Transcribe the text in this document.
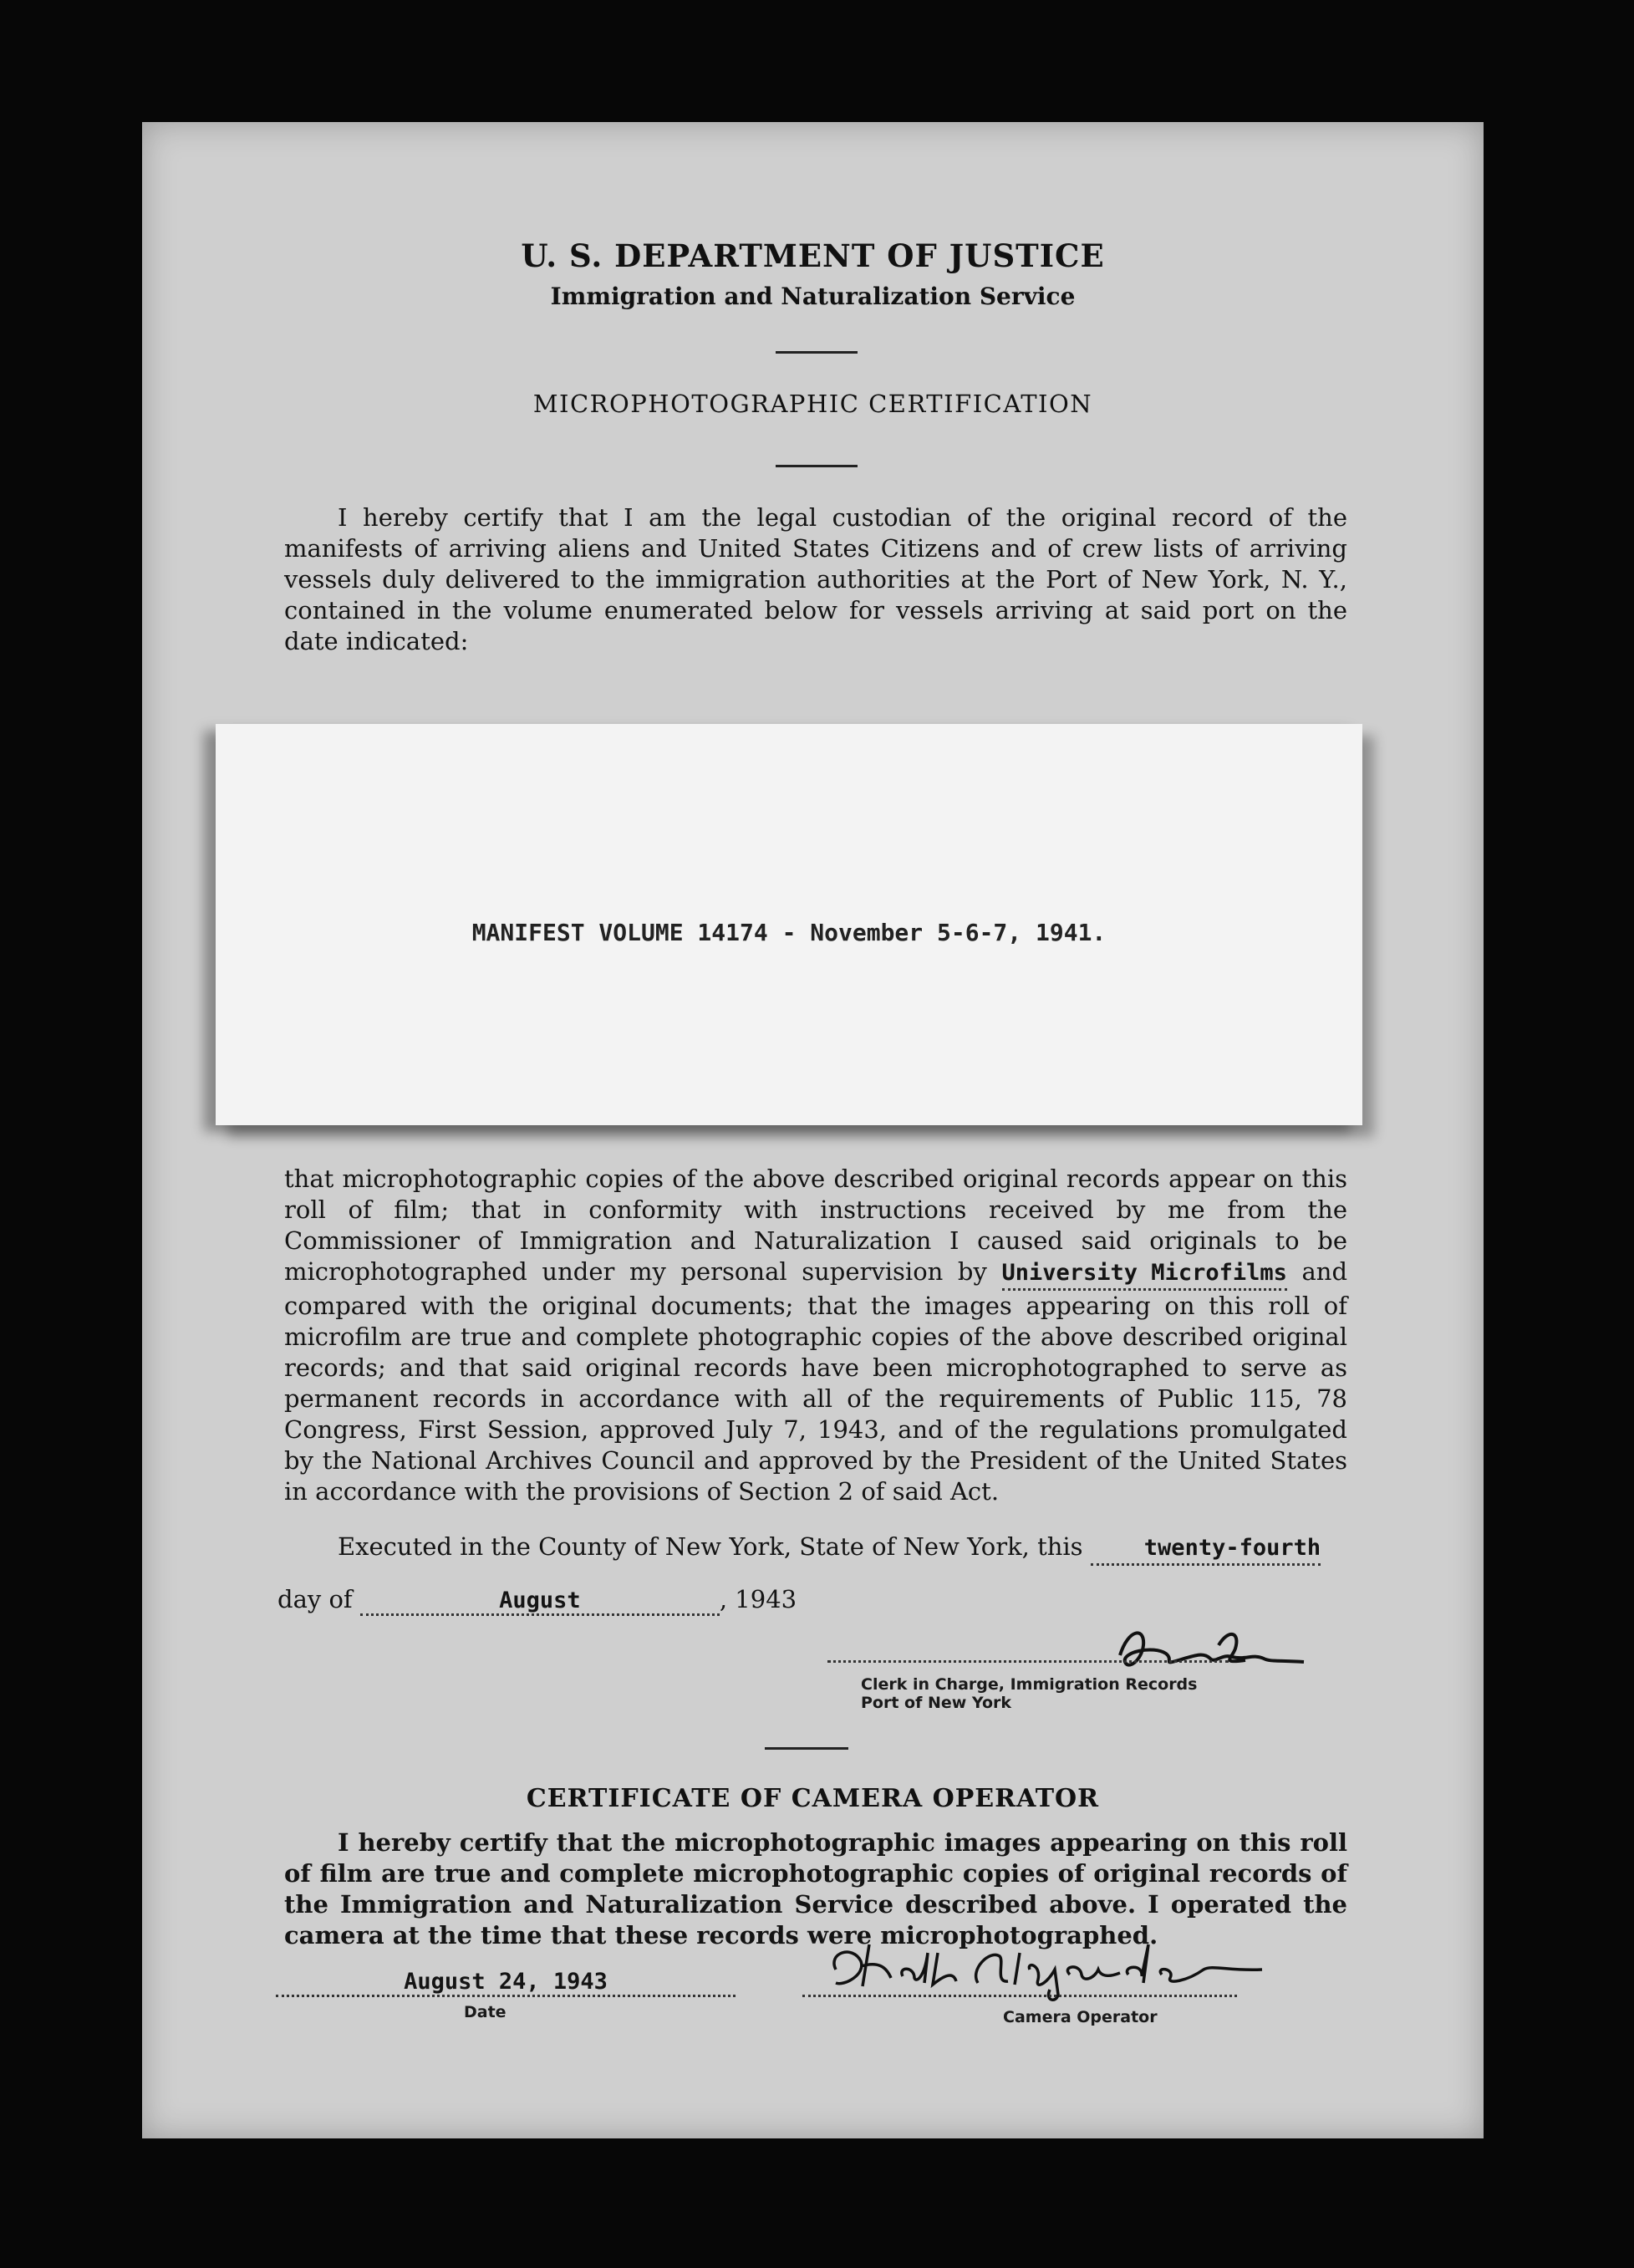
U. S. DEPARTMENT OF JUSTICE
Immigration and Naturalization Service
MICROPHOTOGRAPHIC CERTIFICATION
I hereby certify that I am the legal custodian of the original record of the manifests of arriving aliens and United States Citizens and of crew lists of arriving vessels duly delivered to the immigration authorities at the Port of New York, N. Y., contained in the volume enumerated below for vessels arriving at said port on the date indicated:
MANIFEST VOLUME 14174 - November 5-6-7, 1941.
that microphotographic copies of the above described original records appear on this roll of film; that in conformity with instructions received by me from the Commissioner of Immigration and Naturalization I caused said originals to be microphotographed under my personal supervision by University Microfilms and compared with the original documents; that the images appearing on this roll of microfilm are true and complete photographic copies of the above described original records; and that said original records have been microphotographed to serve as permanent records in accordance with all of the requirements of Public 115, 78 Congress, First Session, approved July 7, 1943, and of the regulations promulgated by the National Archives Council and approved by the President of the United States in accordance with the provisions of Section 2 of said Act.
Executed in the County of New York, State of New York, this	twenty-fourth
day of	August	, 1943
Clerk in Charge, Immigration Records
Port of New York
CERTIFICATE OF CAMERA OPERATOR
I hereby certify that the microphotographic images appearing on this roll of film are true and complete microphotographic copies of original records of the Immigration and Naturalization Service described above. I operated the camera at the time that these records were microphotographed.
August 24, 1943
Date	Camera Operator
